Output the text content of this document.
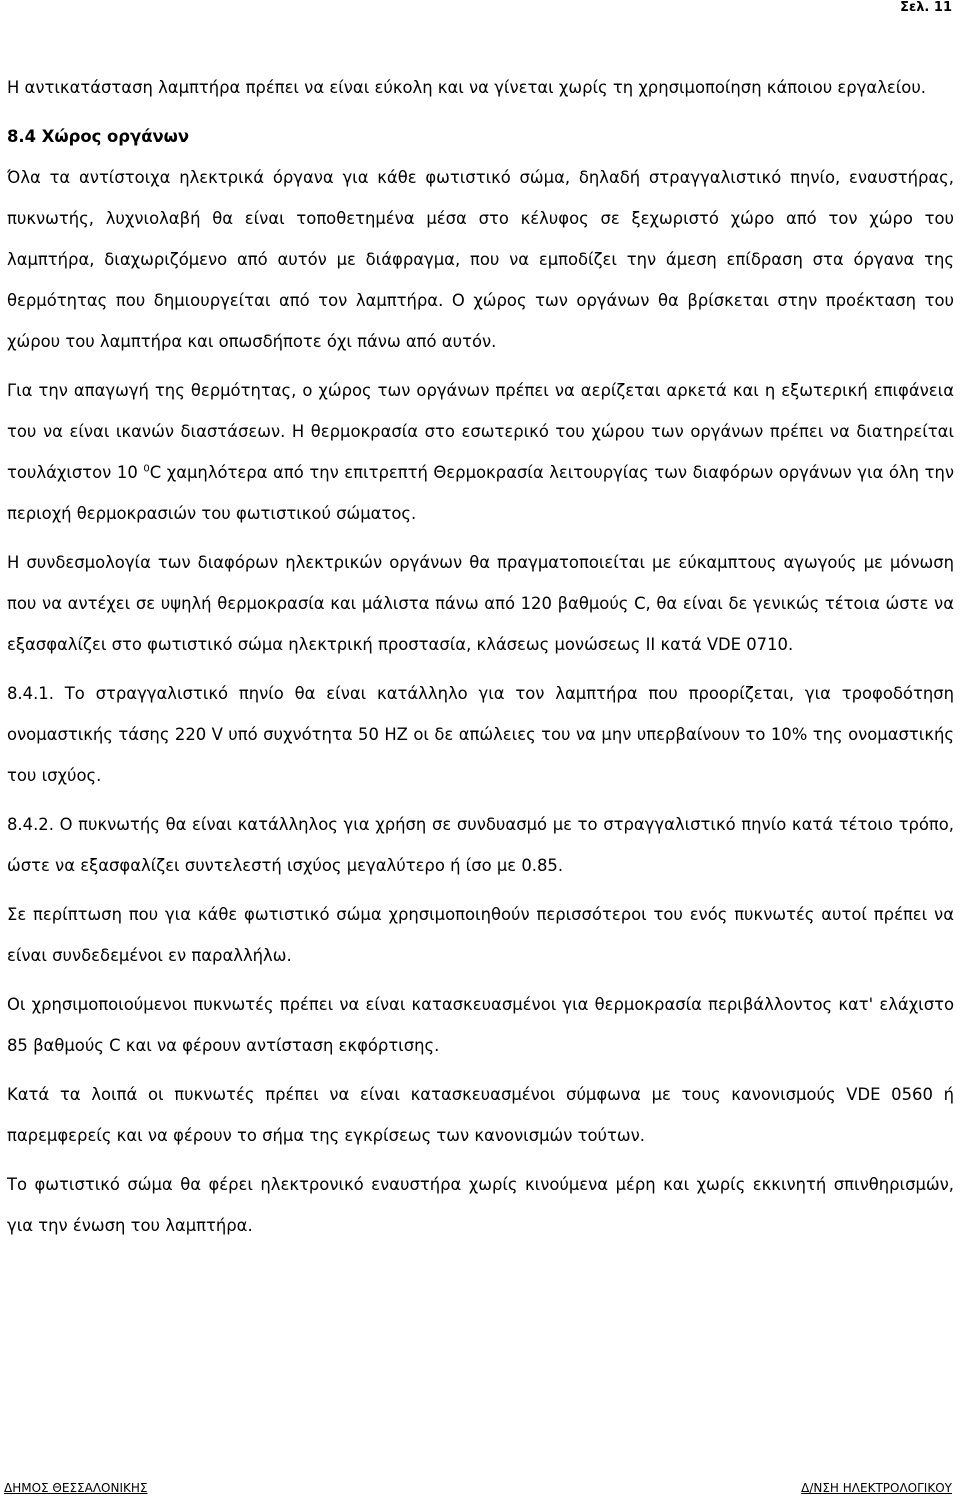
Σελ. 11

Η αντικατάσταση λαμπτήρα πρέπει να είναι εύκολη και να γίνεται χωρίς τη χρησιμοποίηση κάποιου εργαλείου.

8.4 Χώρος οργάνων

Όλα τα αντίστοιχα ηλεκτρικά όργανα για κάθε φωτιστικό σώμα, δηλαδή στραγγαλιστικό πηνίο, εναυστήρας, πυκνωτής, λυχνιολαβή θα είναι τοποθετημένα μέσα στο κέλυφος σε ξεχωριστό χώρο από τον χώρο του λαμπτήρα, διαχωριζόμενο από αυτόν με διάφραγμα, που να εμποδίζει την άμεση επίδραση στα όργανα της θερμότητας που δημιουργείται από τον λαμπτήρα. Ο χώρος των οργάνων θα βρίσκεται στην προέκταση του χώρου του λαμπτήρα και οπωσδήποτε όχι πάνω από αυτόν.

Για την απαγωγή της θερμότητας, ο χώρος των οργάνων πρέπει να αερίζεται αρκετά και η εξωτερική επιφάνεια του να είναι ικανών διαστάσεων. Η θερμοκρασία στο εσωτερικό του χώρου των οργάνων πρέπει να διατηρείται τουλάχιστον 10 $^0$C χαμηλότερα από την επιτρεπτή Θερμοκρασία λειτουργίας των διαφόρων οργάνων για όλη την περιοχή θερμοκρασιών του φωτιστικού σώματος.

Η συνδεσμολογία των διαφόρων ηλεκτρικών οργάνων θα πραγματοποιείται με εύκαμπτους αγωγούς με μόνωση που να αντέχει σε υψηλή θερμοκρασία και μάλιστα πάνω από 120 βαθμούς C, θα είναι δε γενικώς τέτοια ώστε να εξασφαλίζει στο φωτιστικό σώμα ηλεκτρική προστασία, κλάσεως μονώσεως ΙΙ κατά VDE 0710.

8.4.1. Το στραγγαλιστικό πηνίο θα είναι κατάλληλο για τον λαμπτήρα που προορίζεται, για τροφοδότηση ονομαστικής τάσης 220 V υπό συχνότητα 50 HZ οι δε απώλειες του να μην υπερβαίνουν το 10% της ονομαστικής του ισχύος.

8.4.2. Ο πυκνωτής θα είναι κατάλληλος για χρήση σε συνδυασμό με το στραγγαλιστικό πηνίο κατά τέτοιο τρόπο, ώστε να εξασφαλίζει συντελεστή ισχύος μεγαλύτερο ή ίσο με 0.85.

Σε περίπτωση που για κάθε φωτιστικό σώμα χρησιμοποιηθούν περισσότεροι του ενός πυκνωτές αυτοί πρέπει να είναι συνδεδεμένοι εν παραλλήλω.

Οι χρησιμοποιούμενοι πυκνωτές πρέπει να είναι κατασκευασμένοι για θερμοκρασία περιβάλλοντος κατ' ελάχιστο 85 βαθμούς C και να φέρουν αντίσταση εκφόρτισης.

Κατά τα λοιπά οι πυκνωτές πρέπει να είναι κατασκευασμένοι σύμφωνα με τους κανονισμούς VDE 0560 ή παρεμφερείς και να φέρουν το σήμα της εγκρίσεως των κανονισμών τούτων.

Το φωτιστικό σώμα θα φέρει ηλεκτρονικό εναυστήρα χωρίς κινούμενα μέρη και χωρίς εκκινητή σπινθηρισμών, για την ένωση του λαμπτήρα.

ΔΗΜΟΣ ΘΕΣΣΑΛΟΝΙΚΗΣ	Δ/ΝΣΗ ΗΛΕΚΤΡΟΛΟΓΙΚΟΥ
